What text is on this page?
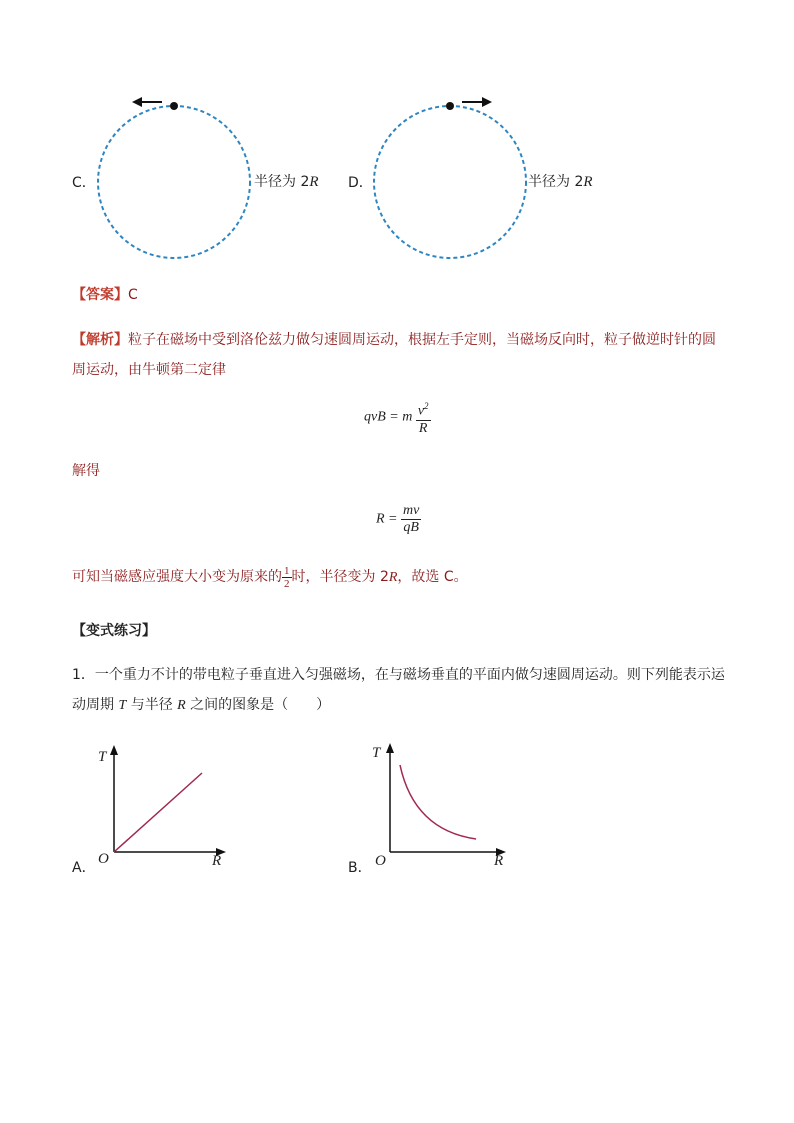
C．	半径为 2R D．	半径为 2R
【答案】C
【解析】粒子在磁场中受到洛伦兹力做匀速圆周运动，根据左手定则，当磁场反向时，粒子做逆时针的圆周运动，由牛顿第二定律
qvB = m $\frac{v^2}{R}$
解得
$R = \frac{mv}{qB}$
可知当磁感应强度大小变为原来的 $\frac{1}{2}$ 时，半径变为 2R，故选 C。
【变式练习】
1．一个重力不计的带电粒子垂直进入匀强磁场，在与磁场垂直的平面内做匀速圆周运动。则下列能表示运
动周期 T 与半径 R 之间的图象是（　　）
A．
T
O	R	B．
T
O	R
